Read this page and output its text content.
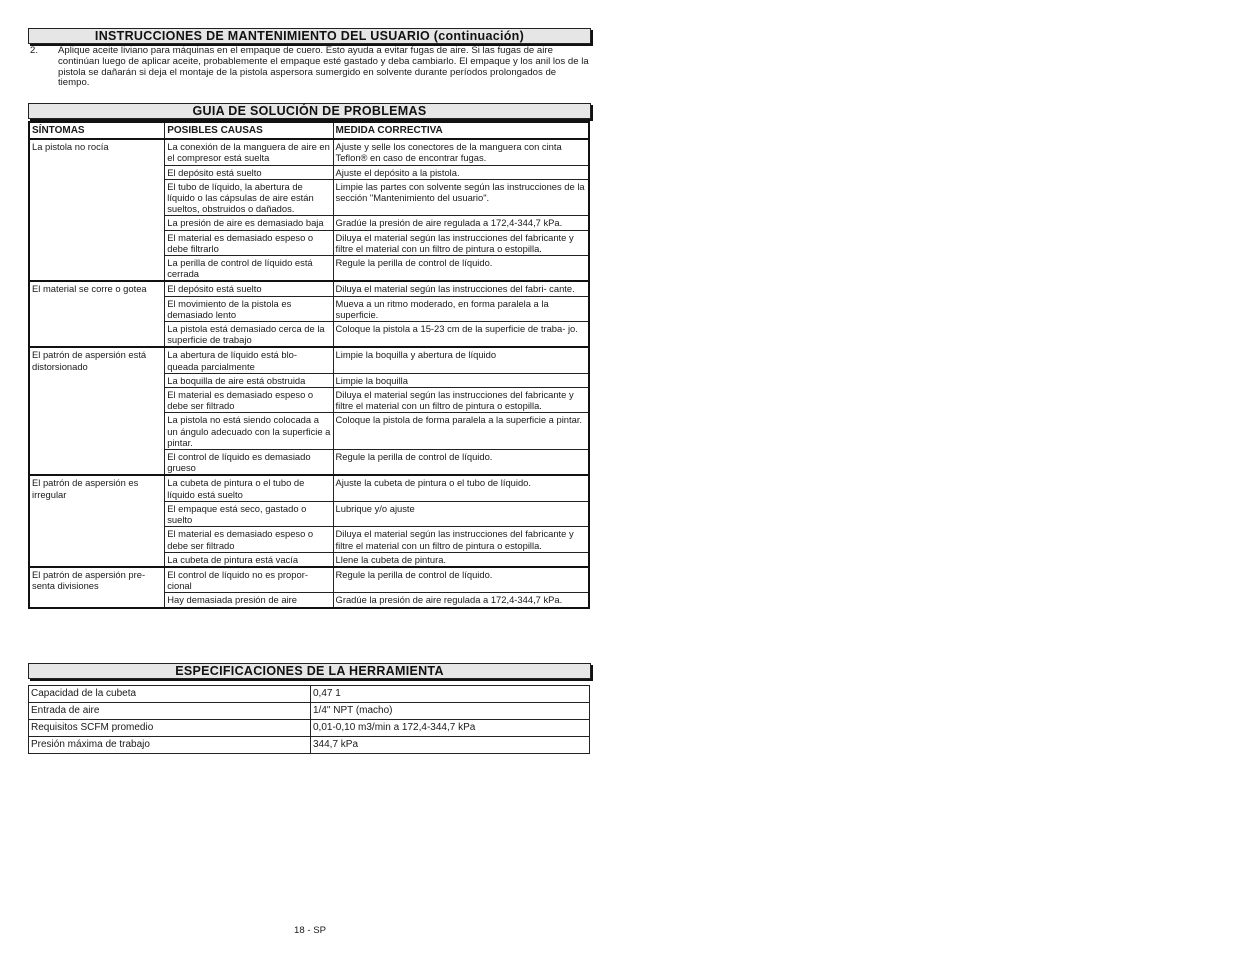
INSTRUCCIONES DE MANTENIMIENTO DEL USUARIO (continuación)
2. Aplique aceite liviano para máquinas en el empaque de cuero. Esto ayuda a evitar fugas de aire. Si las fugas de aire continúan luego de aplicar aceite, probablemente el empaque esté gastado y deba cambiarlo. El empaque y los anil los de la pistola se dañarán si deja el montaje de la pistola aspersora sumergido en solvente durante períodos prolongados de tiempo.
GUIA DE SOLUCIÓN DE PROBLEMAS
SÍNTOMAS	POSIBLES CAUSAS	MEDIDA CORRECTIVA
La pistola no rocía	La conexión de la manguera de aire en el compresor está suelta	Ajuste y selle los conectores de la manguera con cinta Teflon® en caso de encontrar fugas.
	El depósito está suelto	Ajuste el depósito a la pistola.
	El tubo de líquido, la abertura de líquido o las cápsulas de aire están sueltos, obstruidos o dañados.	Limpie las partes con solvente según las instrucciones de la sección "Mantenimiento del usuario".
	La presión de aire es demasiado baja	Gradúe la presión de aire regulada a 172,4-344,7 kPa.
	El material es demasiado espeso o debe filtrarlo	Diluya el material según las instrucciones del fabricante y filtre el material con un filtro de pintura o estopilla.
	La perilla de control de líquido está cerrada	Regule la perilla de control de líquido.
El material se corre o gotea	El depósito está suelto	Diluya el material según las instrucciones del fabri- cante.
	El movimiento de la pistola es demasiado lento	Mueva a un ritmo moderado, en forma paralela a la superficie.
	La pistola está demasiado cerca de la superficie de trabajo	Coloque la pistola a 15-23 cm de la superficie de traba- jo.
El patrón de aspersión está distorsionado	La abertura de líquido está blo- queada parcialmente	Limpie la boquilla y abertura de líquido
	La boquilla de aire está obstruida	Limpie la boquilla
	El material es demasiado espeso o debe ser filtrado	Diluya el material según las instrucciones del fabricante y filtre el material con un filtro de pintura o estopilla.
	La pistola no está siendo colocada a un ángulo adecuado con la superficie a pintar.	Coloque la pistola de forma paralela a la superficie a pintar.
	El control de líquido es demasiado grueso	Regule la perilla de control de líquido.
El patrón de aspersión es irregular	La cubeta de pintura o el tubo de líquido está suelto	Ajuste la cubeta de pintura o el tubo de líquido.
	El empaque está seco, gastado o suelto	Lubrique y/o ajuste
	El material es demasiado espeso o debe ser filtrado	Diluya el material según las instrucciones del fabricante y filtre el material con un filtro de pintura o estopilla.
	La cubeta de pintura está vacía	Llene la cubeta de pintura.
El patrón de aspersión pre- senta divisiones	El control de líquido no es propor- cional	Regule la perilla de control de líquido.
	Hay demasiada presión de aire	Gradúe la presión de aire regulada a 172,4-344,7 kPa.
ESPECIFICACIONES DE LA HERRAMIENTA
Capacidad de la cubeta	0,47 1
Entrada de aire	1/4" NPT (macho)
Requisitos SCFM promedio	0,01-0,10 m3/min a 172,4-344,7 kPa
Presión máxima de trabajo	344,7 kPa
18 - SP
